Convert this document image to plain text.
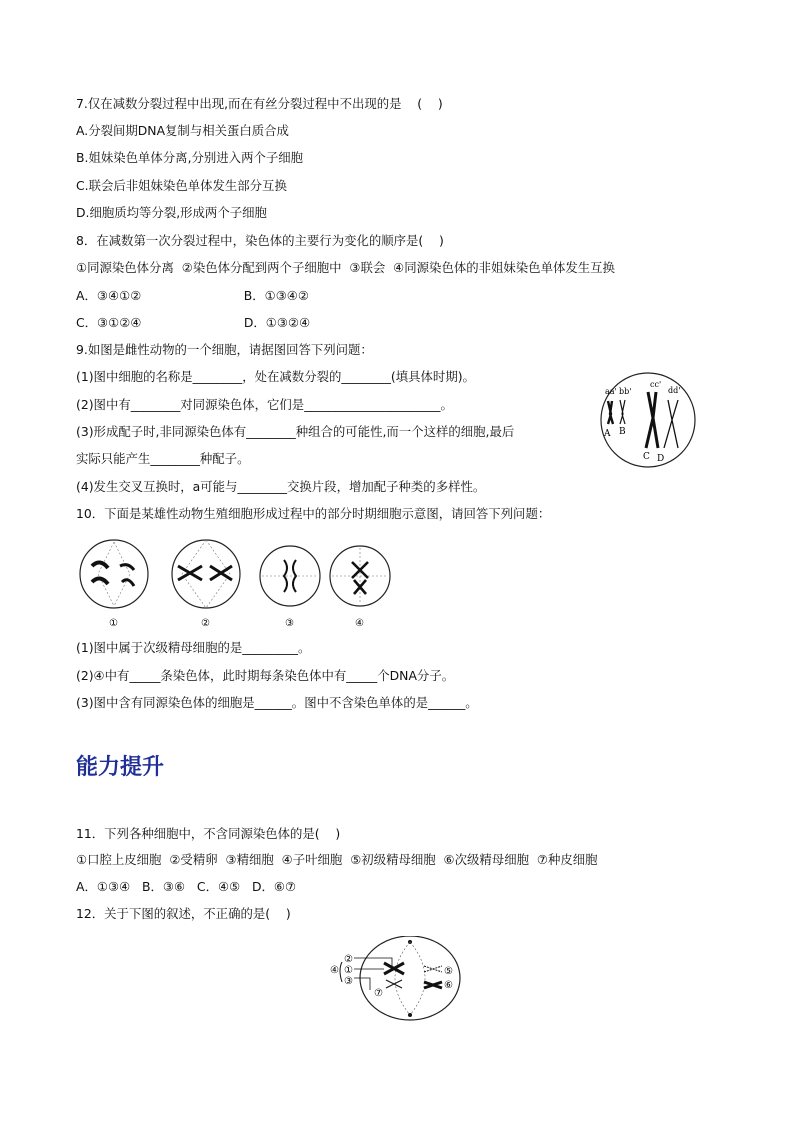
7.仅在减数分裂过程中出现,而在有丝分裂过程中不出现的是    (    )
A.分裂间期DNA复制与相关蛋白质合成
B.姐妹染色单体分离,分别进入两个子细胞
C.联会后非姐妹染色单体发生部分互换
D.细胞质均等分裂,形成两个子细胞
8．在减数第一次分裂过程中，染色体的主要行为变化的顺序是(    )
①同源染色体分离  ②染色体分配到两个子细胞中  ③联会  ④同源染色体的非姐妹染色单体发生互换
A．③④①②                          B．①③④②
C．③①②④                          D．①③②④
9.如图是雌性动物的一个细胞，请据图回答下列问题：
(1)图中细胞的名称是________，处在减数分裂的________(填具体时期)。
(2)图中有________对同源染色体，它们是______________________。
(3)形成配子时,非同源染色体有________种组合的可能性,而一个这样的细胞,最后
实际只能产生________种配子。
(4)发生交叉互换时，a可能与________交换片段，增加配子种类的多样性。
10．下面是某雄性动物生殖细胞形成过程中的部分时期细胞示意图，请回答下列问题：
(1)图中属于次级精母细胞的是_________。
(2)④中有_____条染色体，此时期每条染色体中有_____个DNA分子。
(3)图中含有同源染色体的细胞是______。图中不含染色单体的是______。
11．下列各种细胞中，不含同源染色体的是(    )
①口腔上皮细胞  ②受精卵  ③精细胞  ④子叶细胞  ⑤初级精母细胞  ⑥次级精母细胞  ⑦种皮细胞
A．①③④   B．③⑥   C．④⑤   D．⑥⑦
12．关于下图的叙述，不正确的是(    )
能力提升
aa' bb'
cc'
dd'
A B
C D
①	②	③	④
②
①
③
④
⑦
⑤
⑥
